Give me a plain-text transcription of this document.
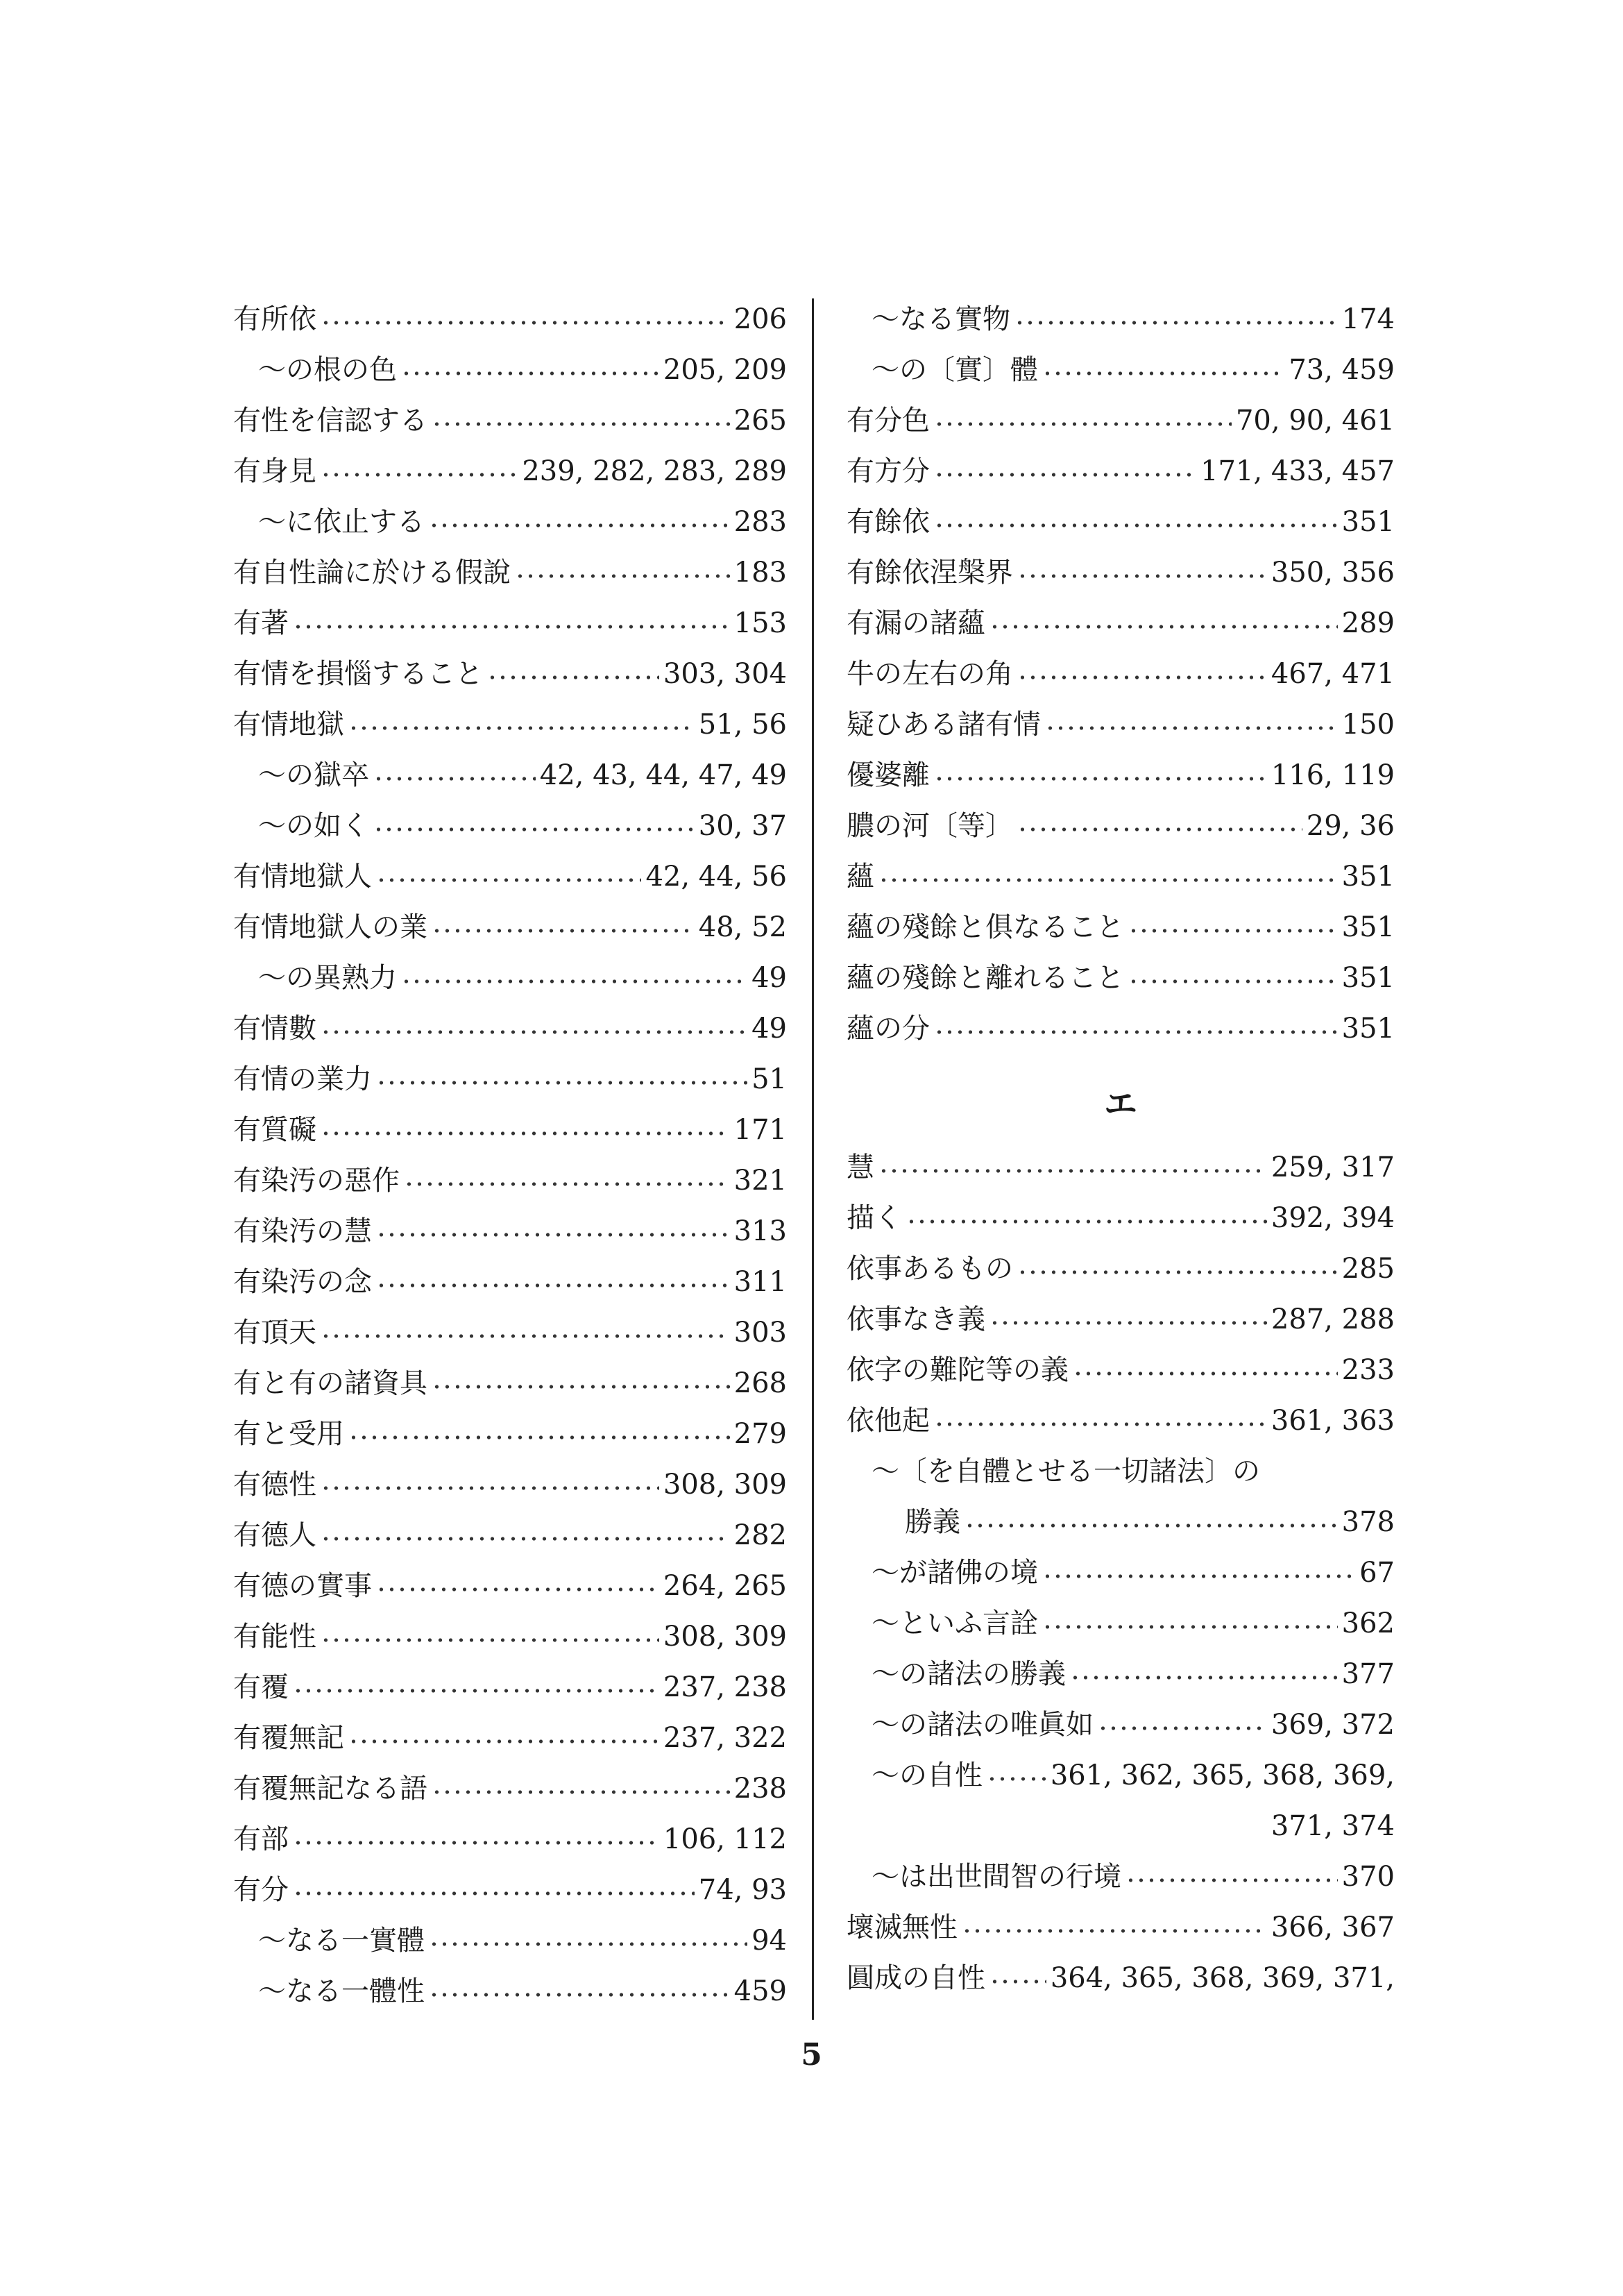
有所依	206
〜の根の色	205, 209
有性を信認する	265
有身見	239, 282, 283, 289
〜に依止する	283
有自性論に於ける假說	183
有著	153
有情を損惱すること	303, 304
有情地獄	51, 56
〜の獄卒	42, 43, 44, 47, 49
〜の如く	30, 37
有情地獄人	42, 44, 56
有情地獄人の業	48, 52
〜の異熟力	49
有情數	49
有情の業力	51
有質礙	171
有染汚の惡作	321
有染汚の慧	313
有染汚の念	311
有頂天	303
有と有の諸資具	268
有と受用	279
有德性	308, 309
有德人	282
有德の實事	264, 265
有能性	308, 309
有覆	237, 238
有覆無記	237, 322
有覆無記なる語	238
有部	106, 112
有分	74, 93
〜なる一實體	94
〜なる一體性	459
〜なる實物	174
〜の〔實〕體	73, 459
有分色	70, 90, 461
有方分	171, 433, 457
有餘依	351
有餘依涅槃界	350, 356
有漏の諸蘊	289
牛の左右の角	467, 471
疑ひある諸有情	150
優婆離	116, 119
膿の河〔等〕	29, 36
蘊	351
蘊の殘餘と俱なること	351
蘊の殘餘と離れること	351
蘊の分	351
エ
慧	259, 317
描く	392, 394
依事あるもの	285
依事なき義	287, 288
依字の難陀等の義	233
依他起	361, 363
〜〔を自體とせる一切諸法〕の
勝義	378
〜が諸佛の境	67
〜といふ言詮	362
〜の諸法の勝義	377
〜の諸法の唯眞如	369, 372
〜の自性 361, 362, 365, 368, 369,
371, 374
〜は出世間智の行境	370
壞滅無性	366, 367
圓成の自性 364, 365, 368, 369, 371,
5
